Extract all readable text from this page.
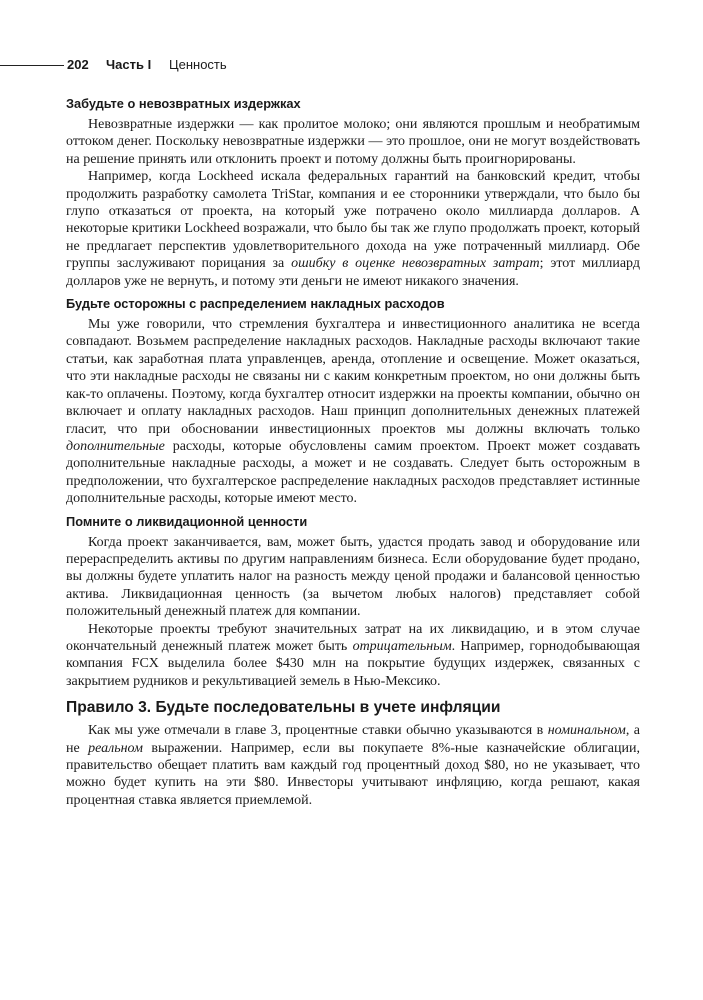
202 Часть I Ценность
Забудьте о невозвратных издержках

Невозвратные издержки — как пролитое молоко; они являются прошлым и необратимым оттоком денег. Поскольку невозвратные издержки — это прошлое, они не могут воздействовать на решение принять или отклонить проект и потому должны быть проигнорированы.

Например, когда Lockheed искала федеральных гарантий на банковский кредит, чтобы продолжить разработку самолета TriStar, компания и ее сторонники утверждали, что было бы глупо отказаться от проекта, на который уже потрачено около миллиарда долларов. А некоторые критики Lockheed возражали, что было бы так же глупо продолжать проект, который не предлагает перспектив удовлетворительного дохода на уже потраченный миллиард. Обе группы заслуживают порицания за ошибку в оценке невозвратных затрат; этот миллиард долларов уже не вернуть, и потому эти деньги не имеют никакого значения.

Будьте осторожны с распределением накладных расходов

Мы уже говорили, что стремления бухгалтера и инвестиционного аналитика не всегда совпадают. Возьмем распределение накладных расходов. Накладные расходы включают такие статьи, как заработная плата управленцев, аренда, отопление и освещение. Может оказаться, что эти накладные расходы не связаны ни с каким конкретным проектом, но они должны быть как-то оплачены. Поэтому, когда бухгалтер относит издержки на проекты компании, обычно он включает и оплату накладных расходов. Наш принцип дополнительных денежных платежей гласит, что при обосновании инвестиционных проектов мы должны включать только дополнительные расходы, которые обусловлены самим проектом. Проект может создавать дополнительные накладные расходы, а может и не создавать. Следует быть осторожным в предположении, что бухгалтерское распределение накладных расходов представляет истинные дополнительные расходы, которые имеют место.

Помните о ликвидационной ценности

Когда проект заканчивается, вам, может быть, удастся продать завод и оборудование или перераспределить активы по другим направлениям бизнеса. Если оборудование будет продано, вы должны будете уплатить налог на разность между ценой продажи и балансовой ценностью актива. Ликвидационная ценность (за вычетом любых налогов) представляет собой положительный денежный платеж для компании.

Некоторые проекты требуют значительных затрат на их ликвидацию, и в этом случае окончательный денежный платеж может быть отрицательным. Например, горнодобывающая компания FCX выделила более $430 млн на покрытие будущих издержек, связанных с закрытием рудников и рекультивацией земель в Нью-Мексико.

Правило 3. Будьте последовательны в учете инфляции

Как мы уже отмечали в главе 3, процентные ставки обычно указываются в номинальном, а не реальном выражении. Например, если вы покупаете 8%-ные казначейские облигации, правительство обещает платить вам каждый год процентный доход $80, но не указывает, что можно будет купить на эти $80. Инвесторы учитывают инфляцию, когда решают, какая процентная ставка является приемлемой.
